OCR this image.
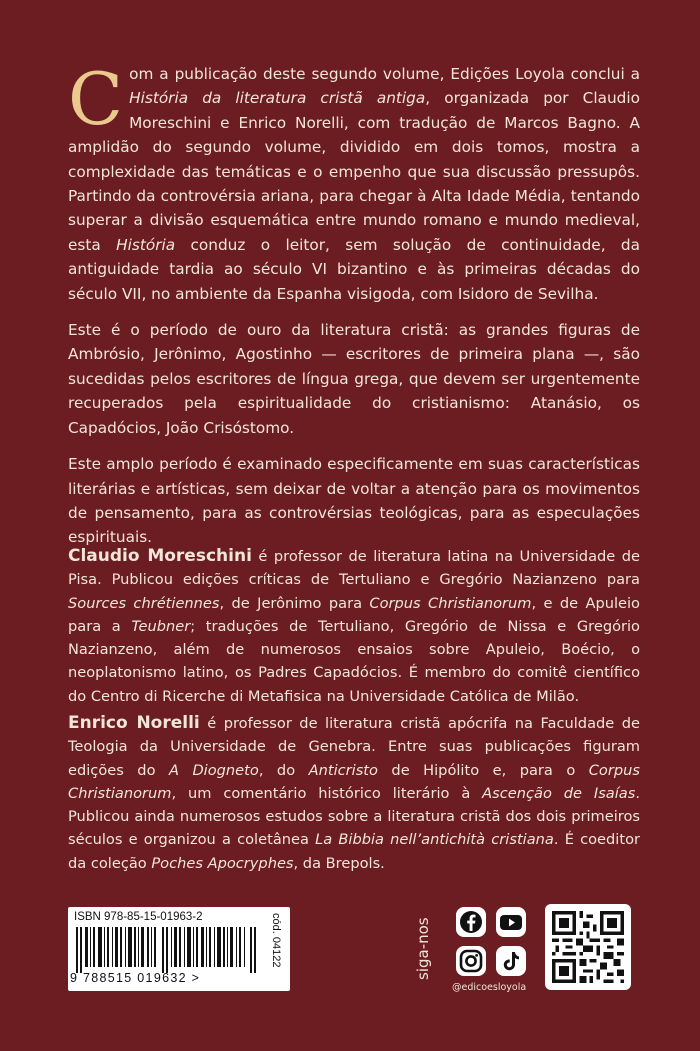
Com a publicação deste segundo volume, Edições Loyola conclui a História da literatura cristã antiga, organizada por Claudio Moreschini e Enrico Norelli, com tradução de Marcos Bagno. A amplidão do segundo volume, dividido em dois tomos, mostra a complexidade das temáticas e o empenho que sua discussão pressupôs. Partindo da controvérsia ariana, para chegar à Alta Idade Média, tentando superar a divisão esquemática entre mundo romano e mundo medieval, esta História conduz o leitor, sem solução de continuidade, da antiguidade tardia ao século VI bizantino e às primeiras décadas do século VII, no ambiente da Espanha visigoda, com Isidoro de Sevilha.

Este é o período de ouro da literatura cristã: as grandes figuras de Ambrósio, Jerônimo, Agostinho — escritores de primeira plana —, são sucedidas pelos escritores de língua grega, que devem ser urgentemente recuperados pela espiritualidade do cristianismo: Atanásio, os Capadócios, João Crisóstomo.

Este amplo período é examinado especificamente em suas características literárias e artísticas, sem deixar de voltar a atenção para os movimentos de pensamento, para as controvérsias teológicas, para as especulações espirituais.

Claudio Moreschini é professor de literatura latina na Universidade de Pisa. Publicou edições críticas de Tertuliano e Gregório Nazianzeno para Sources chrétiennes, de Jerônimo para Corpus Christianorum, e de Apuleio para a Teubner; traduções de Tertuliano, Gregório de Nissa e Gregório Nazianzeno, além de numerosos ensaios sobre Apuleio, Boécio, o neoplatonismo latino, os Padres Capadócios. É membro do comitê científico do Centro di Ricerche di Metafisica na Universidade Católica de Milão.
Enrico Norelli é professor de literatura cristã apócrifa na Faculdade de Teologia da Universidade de Genebra. Entre suas publicações figuram edições do A Diogneto, do Anticristo de Hipólito e, para o Corpus Christianorum, um comentário histórico literário à Ascenção de Isaías. Publicou ainda numerosos estudos sobre a literatura cristã dos dois primeiros séculos e organizou a coletânea La Bibbia nell’antichità cristiana. É coeditor da coleção Poches Apocryphes, da Brepols.
ISBN 978-85-15-01963-2
9 788515 019632 >
cód. 04122	siga-nos
@edicoesloyola
